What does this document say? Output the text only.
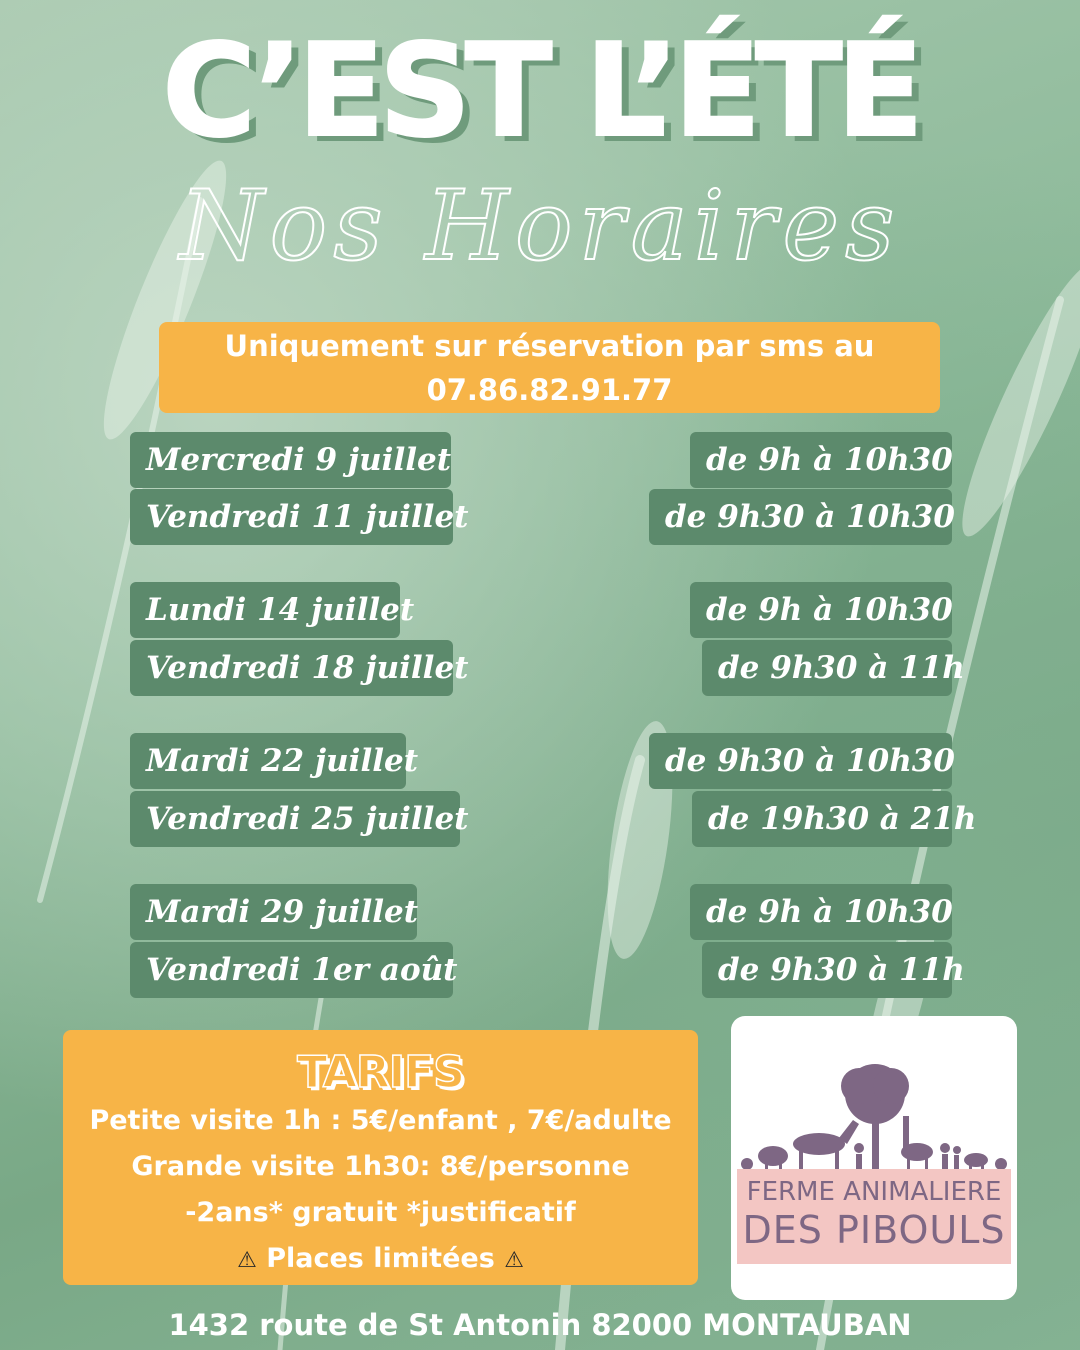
C’EST L’ÉTÉ
Nos Horaires
Uniquement sur réservation par sms au
07.86.82.91.77
Mercredi 9 juillet	de 9h à 10h30
Vendredi 11 juillet	de 9h30 à 10h30
Lundi 14 juillet	de 9h à 10h30
Vendredi 18 juillet	de 9h30 à 11h
Mardi 22 juillet	de 9h30 à 10h30
Vendredi 25 juillet	de 19h30 à 21h
Mardi 29 juillet	de 9h à 10h30
Vendredi 1er août	de 9h30 à 11h
TARIFS
Petite visite 1h : 5€/enfant , 7€/adulte
Grande visite 1h30: 8€/personne
-2ans* gratuit *justificatif
⚠ Places limitées ⚠
FERME ANIMALIERE
DES PIBOULS
1432 route de St Antonin 82000 MONTAUBAN
